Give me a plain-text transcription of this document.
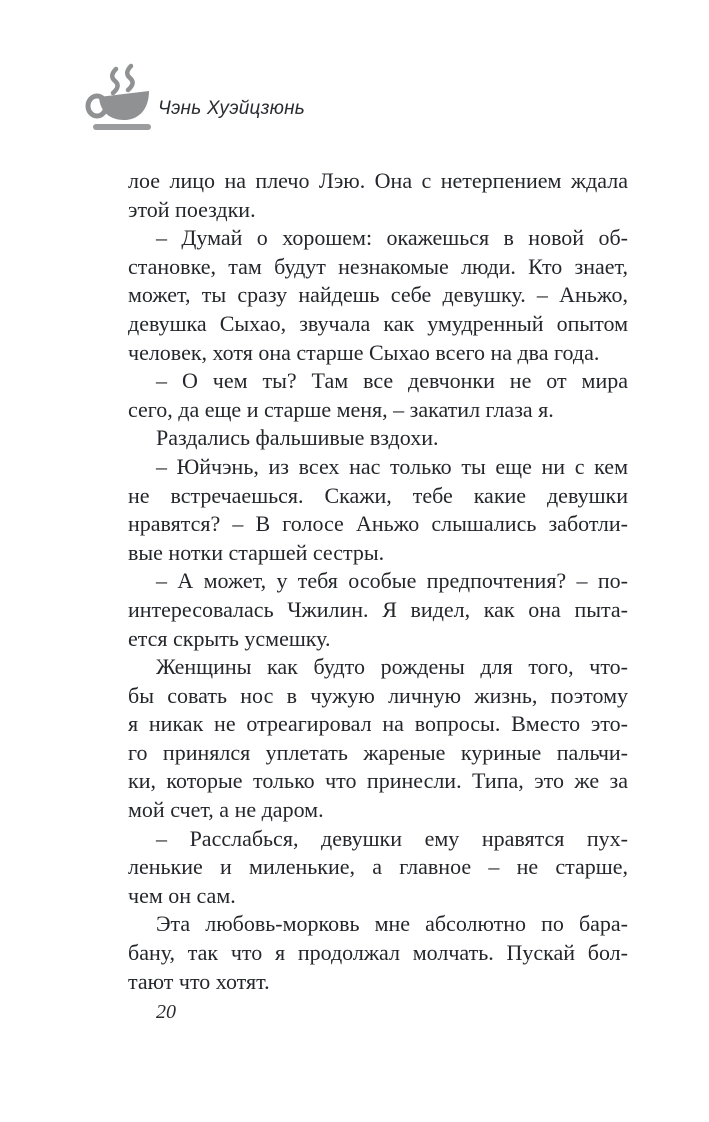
Чэнь Хуэйцзюнь
лое лицо на плечо Лэю. Она с нетерпением ждала
этой поездки.
– Думай о хорошем: окажешься в новой об-
становке, там будут незнакомые люди. Кто знает,
может, ты сразу найдешь себе девушку. – Аньжо,
девушка Сыхао, звучала как умудренный опытом
человек, хотя она старше Сыхао всего на два года.
– О чем ты? Там все девчонки не от мира
сего, да еще и старше меня, – закатил глаза я.
Раздались фальшивые вздохи.
– Юйчэнь, из всех нас только ты еще ни с кем
не встречаешься. Скажи, тебе какие девушки
нравятся? – В голосе Аньжо слышались заботли-
вые нотки старшей сестры.
– А может, у тебя особые предпочтения? – по-
интересовалась Чжилин. Я видел, как она пыта-
ется скрыть усмешку.
Женщины как будто рождены для того, что-
бы совать нос в чужую личную жизнь, поэтому
я никак не отреагировал на вопросы. Вместо это-
го принялся уплетать жареные куриные пальчи-
ки, которые только что принесли. Типа, это же за
мой счет, а не даром.
– Расслабься, девушки ему нравятся пух-
ленькие и миленькие, а главное – не старше,
чем он сам.
Эта любовь-морковь мне абсолютно по бара-
бану, так что я продолжал молчать. Пускай бол-
тают что хотят.
20
